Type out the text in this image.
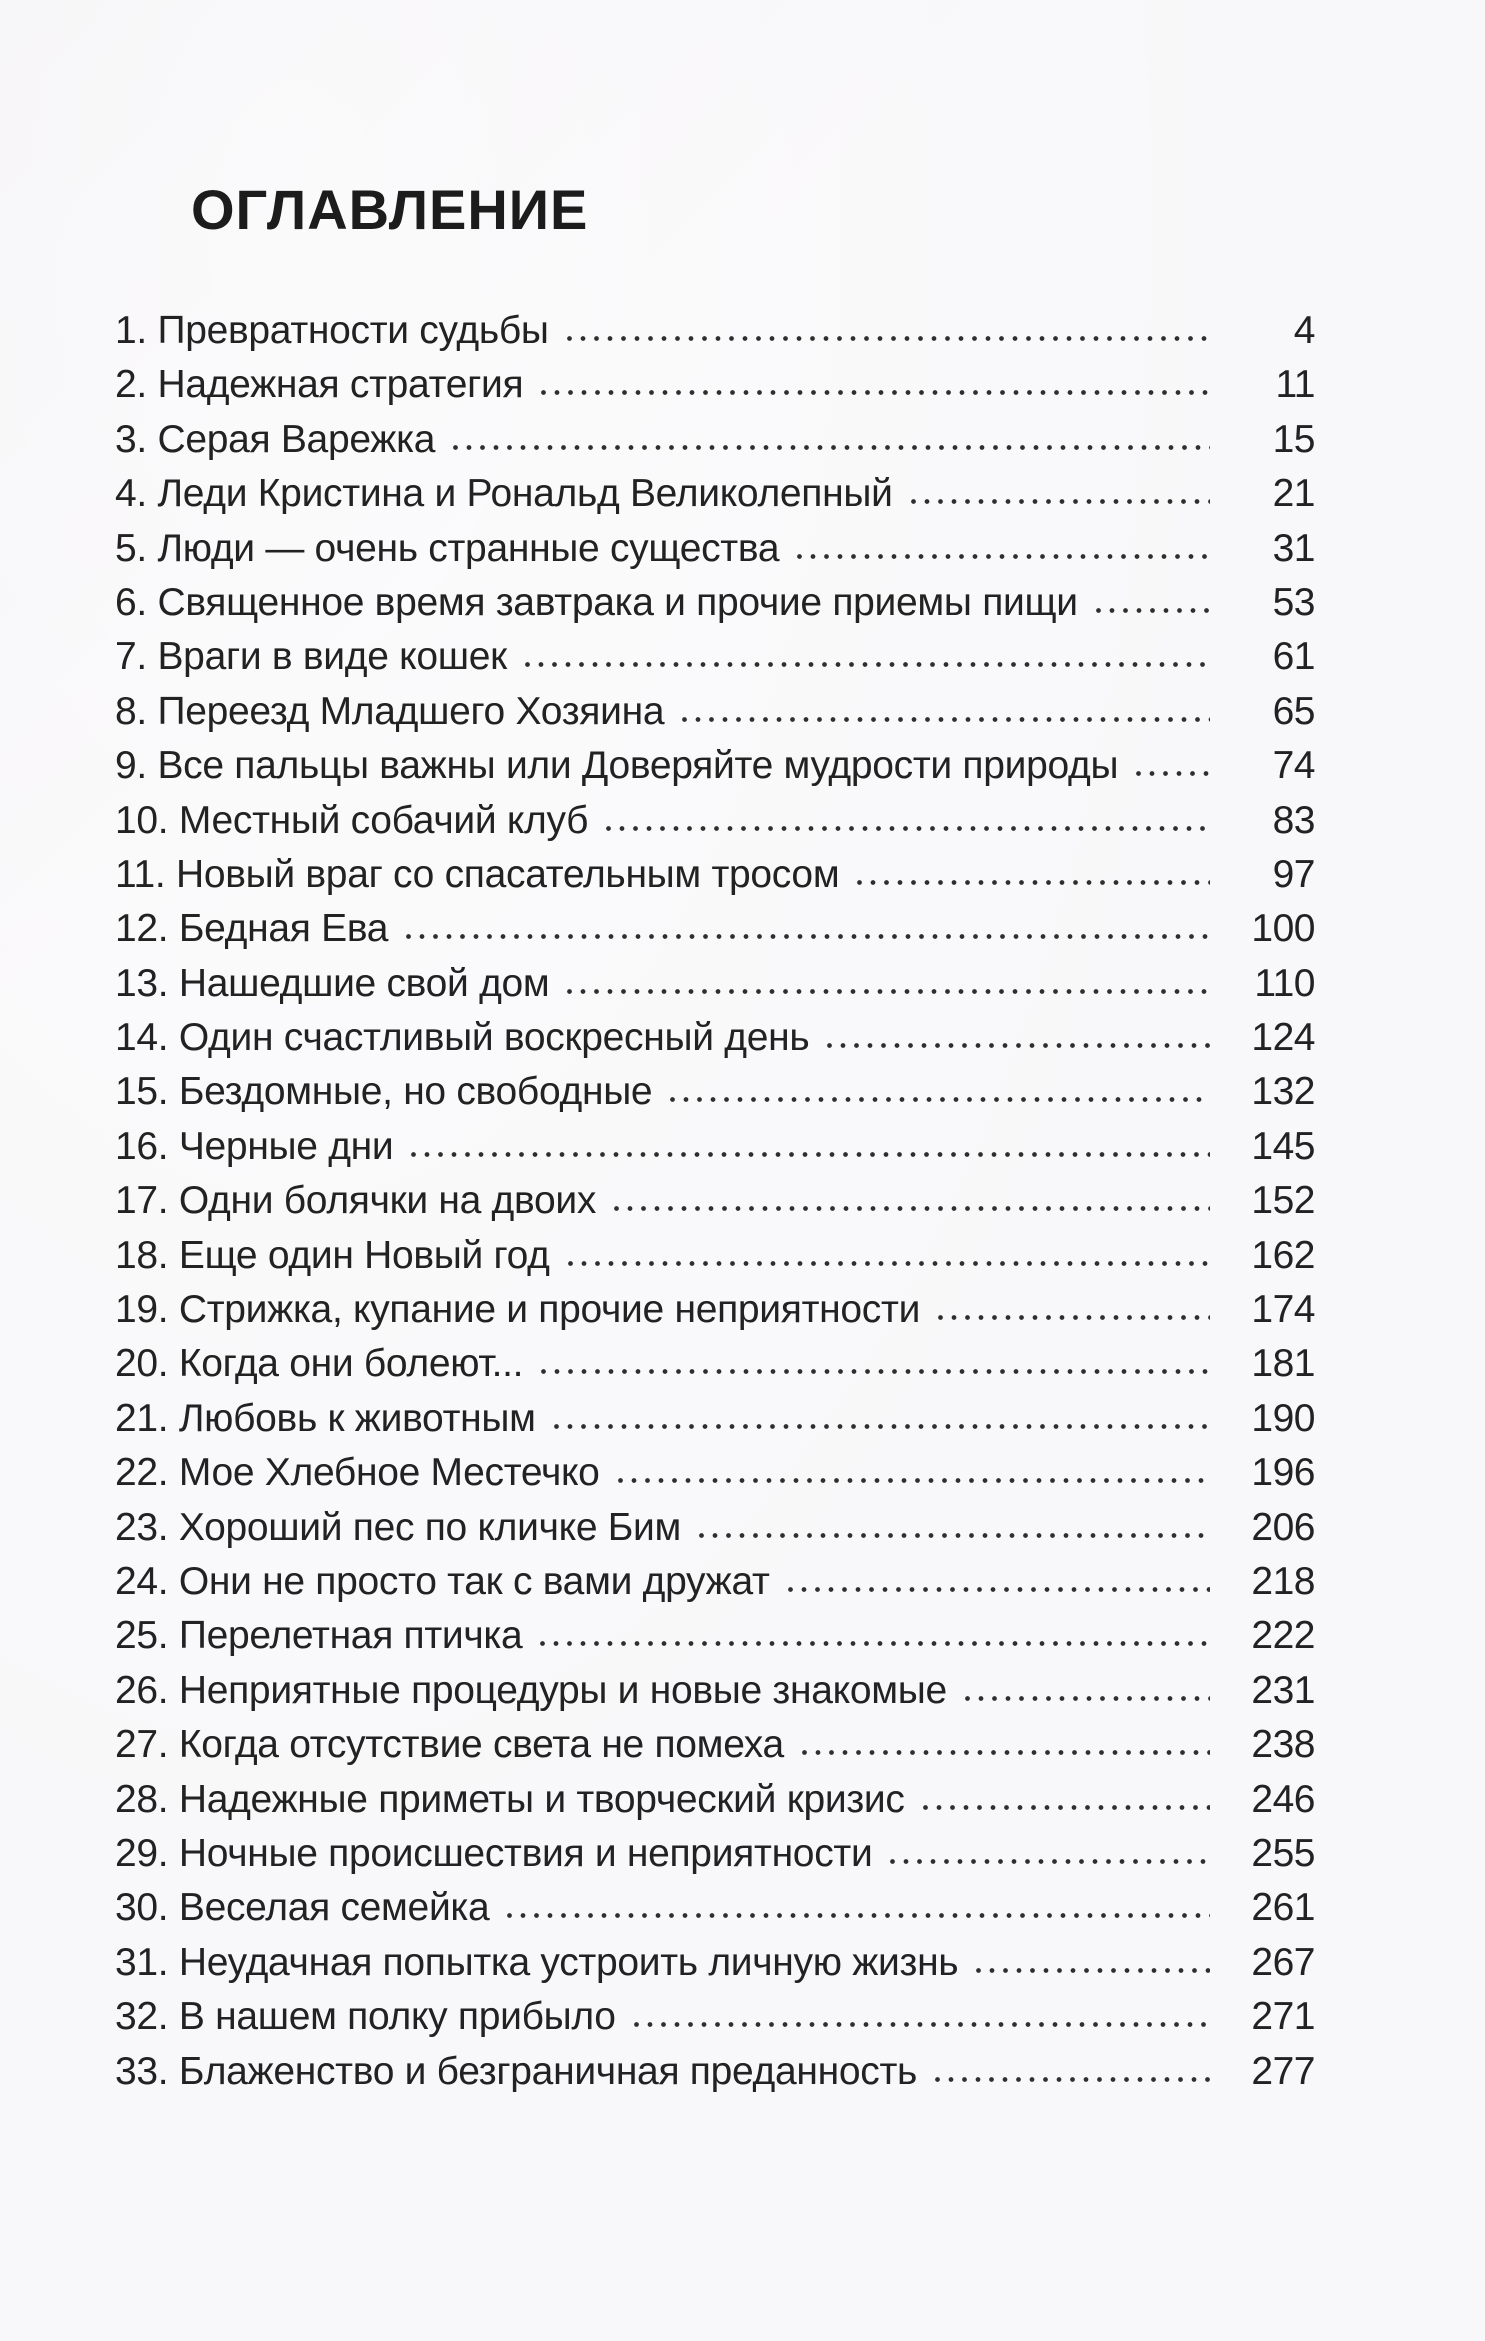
ОГЛАВЛЕНИЕ
1. Превратности судьбы	4
2. Надежная стратегия	11
3. Серая Варежка	15
4. Леди Кристина и Рональд Великолепный	21
5. Люди — очень странные существа	31
6. Священное время завтрака и прочие приемы пищи	53
7. Враги в виде кошек	61
8. Переезд Младшего Хозяина	65
9. Все пальцы важны или Доверяйте мудрости природы	74
10. Местный собачий клуб	83
11. Новый враг со спасательным тросом	97
12. Бедная Ева	100
13. Нашедшие свой дом	110
14. Один счастливый воскресный день	124
15. Бездомные, но свободные	132
16. Черные дни	145
17. Одни болячки на двоих	152
18. Еще один Новый год	162
19. Стрижка, купание и прочие неприятности	174
20. Когда они болеют...	181
21. Любовь к животным	190
22. Мое Хлебное Местечко	196
23. Хороший пес по кличке Бим	206
24. Они не просто так с вами дружат	218
25. Перелетная птичка	222
26. Неприятные процедуры и новые знакомые	231
27. Когда отсутствие света не помеха	238
28. Надежные приметы и творческий кризис	246
29. Ночные происшествия и неприятности	255
30. Веселая семейка	261
31. Неудачная попытка устроить личную жизнь	267
32. В нашем полку прибыло	271
33. Блаженство и безграничная преданность	277
